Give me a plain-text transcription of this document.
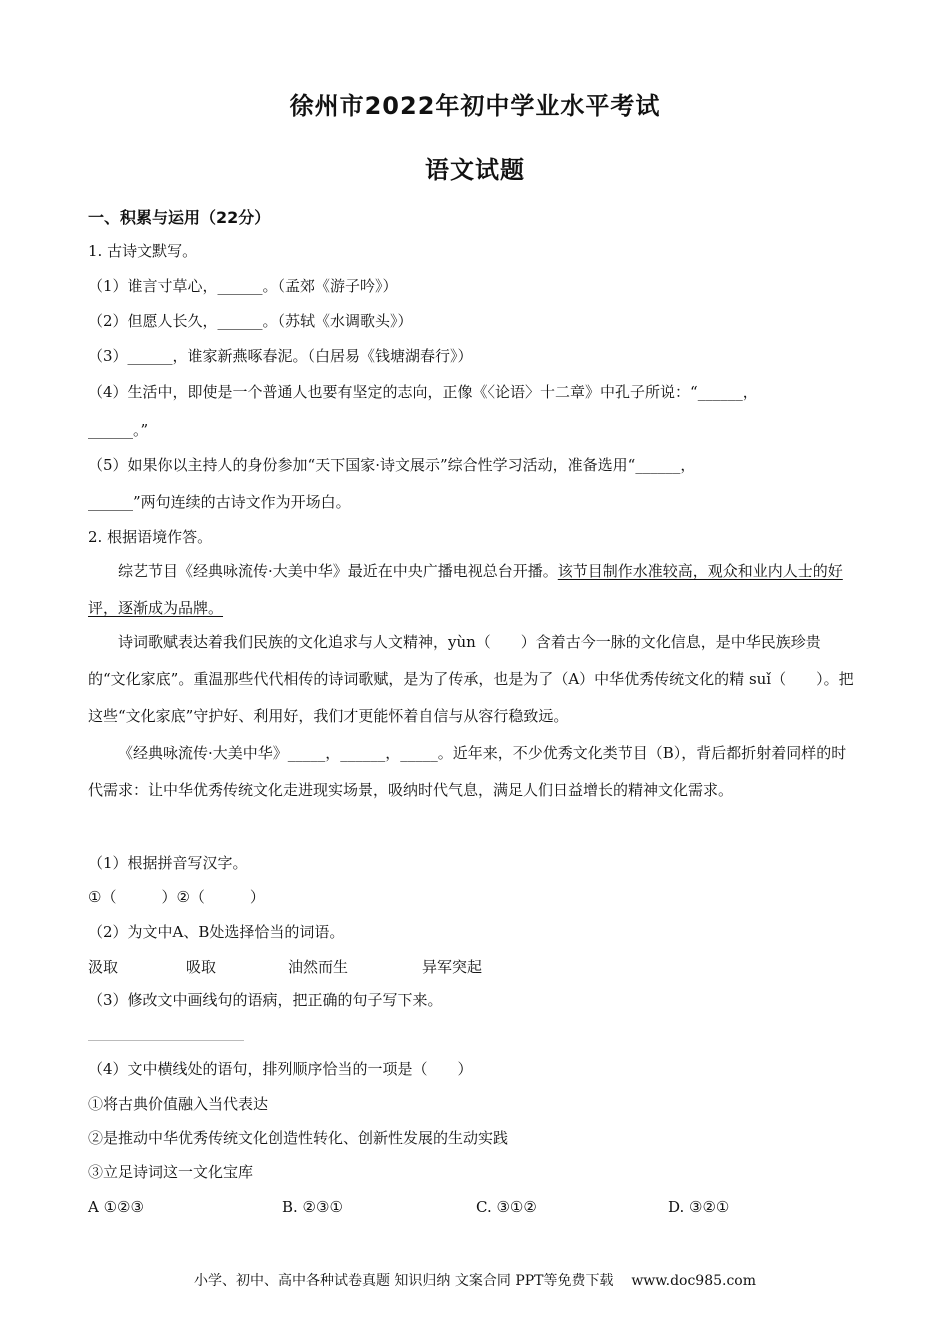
徐州市2022年初中学业水平考试
语文试题
一、积累与运用（22分）
1. 古诗文默写。
（1）谁言寸草心，______。（孟郊《游子吟》）
（2）但愿人长久，______。（苏轼《水调歌头》）
（3）______，谁家新燕啄春泥。（白居易《钱塘湖春行》）
（4）生活中，即使是一个普通人也要有坚定的志向，正像《〈论语〉十二章》中孔子所说：“______，
______。”
（5）如果你以主持人的身份参加“天下国家·诗文展示”综合性学习活动，准备选用“______，
______”两句连续的古诗文作为开场白。
2. 根据语境作答。
综艺节目《经典咏流传·大美中华》最近在中央广播电视总台开播。该节目制作水准较高，观众和业内人士的好评，逐渐成为品牌。
诗词歌赋表达着我们民族的文化追求与人文精神，yùn（　　）含着古今一脉的文化信息，是中华民族珍贵的“文化家底”。重温那些代代相传的诗词歌赋，是为了传承，也是为了（A）中华优秀传统文化的精 suǐ（　　）。把这些“文化家底”守护好、利用好，我们才更能怀着自信与从容行稳致远。
《经典咏流传·大美中华》_____，______，_____。近年来，不少优秀文化类节目（B），背后都折射着同样的时代需求：让中华优秀传统文化走进现实场景，吸纳时代气息，满足人们日益增长的精神文化需求。
（1）根据拼音写汉字。
①（　　　）②（　　　）
（2）为文中A、B处选择恰当的词语。
汲取	吸取	油然而生	异军突起
（3）修改文中画线句的语病，把正确的句子写下来。
（4）文中横线处的语句，排列顺序恰当的一项是（　　）
①将古典价值融入当代表达
②是推动中华优秀传统文化创造性转化、创新性发展的生动实践
③立足诗词这一文化宝库
A ①②③	B. ②③①	C. ③①②	D. ③②①
小学、初中、高中各种试卷真题 知识归纳 文案合同 PPT等免费下载 www.doc985.com
